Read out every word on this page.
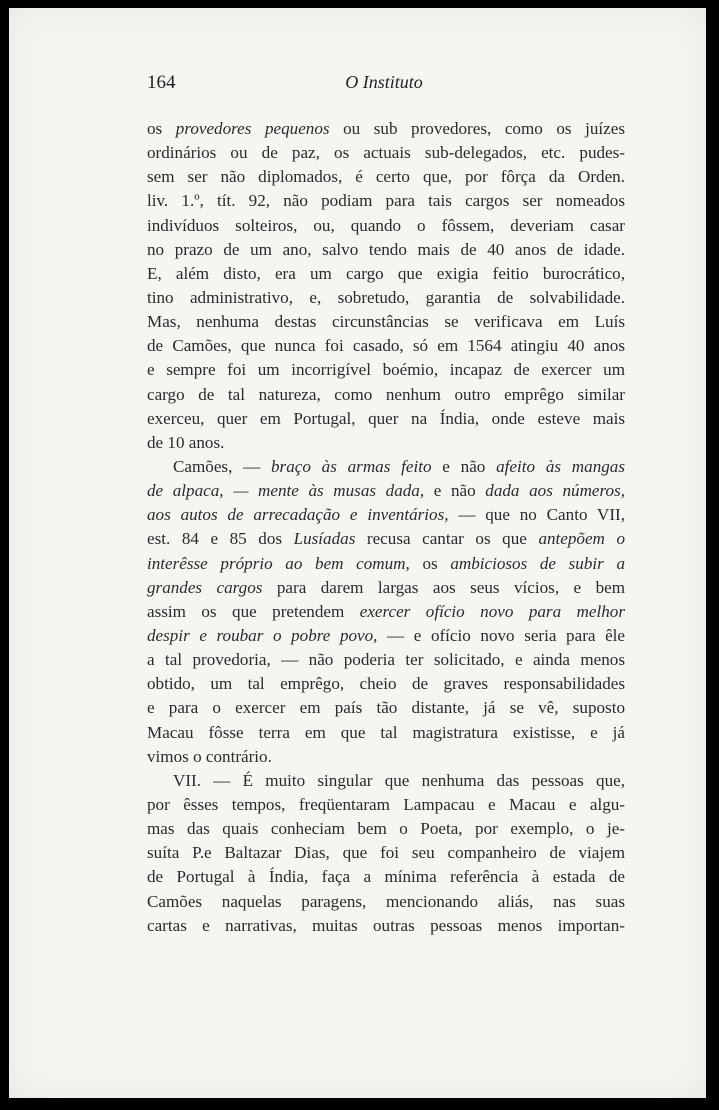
164	O Instituto
os provedores pequenos ou sub provedores, como os juízes
ordinários ou de paz, os actuais sub-delegados, etc. pudes-
sem ser não diplomados, é certo que, por fôrça da Orden.
liv. 1.º, tít. 92, não podiam para tais cargos ser nomeados
indivíduos solteiros, ou, quando o fôssem, deveriam casar
no prazo de um ano, salvo tendo mais de 40 anos de idade.
E, além disto, era um cargo que exigia feitio burocrático,
tino administrativo, e, sobretudo, garantia de solvabilidade.
Mas, nenhuma destas circunstâncias se verificava em Luís
de Camões, que nunca foi casado, só em 1564 atingiu 40 anos
e sempre foi um incorrigível boémio, incapaz de exercer um
cargo de tal natureza, como nenhum outro emprêgo similar
exerceu, quer em Portugal, quer na Índia, onde esteve mais
de 10 anos.
Camões, — braço às armas feito e não afeito às mangas
de alpaca, — mente às musas dada, e não dada aos números,
aos autos de arrecadação e inventários, — que no Canto VII,
est. 84 e 85 dos Lusíadas recusa cantar os que antepõem o
interêsse próprio ao bem comum, os ambiciosos de subir a
grandes cargos para darem largas aos seus vícios, e bem
assim os que pretendem exercer ofício novo para melhor
despir e roubar o pobre povo, — e ofício novo seria para êle
a tal provedoria, — não poderia ter solicitado, e ainda menos
obtido, um tal emprêgo, cheio de graves responsabilidades
e para o exercer em país tão distante, já se vê, suposto
Macau fôsse terra em que tal magistratura existisse, e já
vimos o contrário.
VII. — É muito singular que nenhuma das pessoas que,
por êsses tempos, freqüentaram Lampacau e Macau e algu-
mas das quais conheciam bem o Poeta, por exemplo, o je-
suíta P.e Baltazar Dias, que foi seu companheiro de viajem
de Portugal à Índia, faça a mínima referência à estada de
Camões naquelas paragens, mencionando aliás, nas suas
cartas e narrativas, muitas outras pessoas menos importan-
